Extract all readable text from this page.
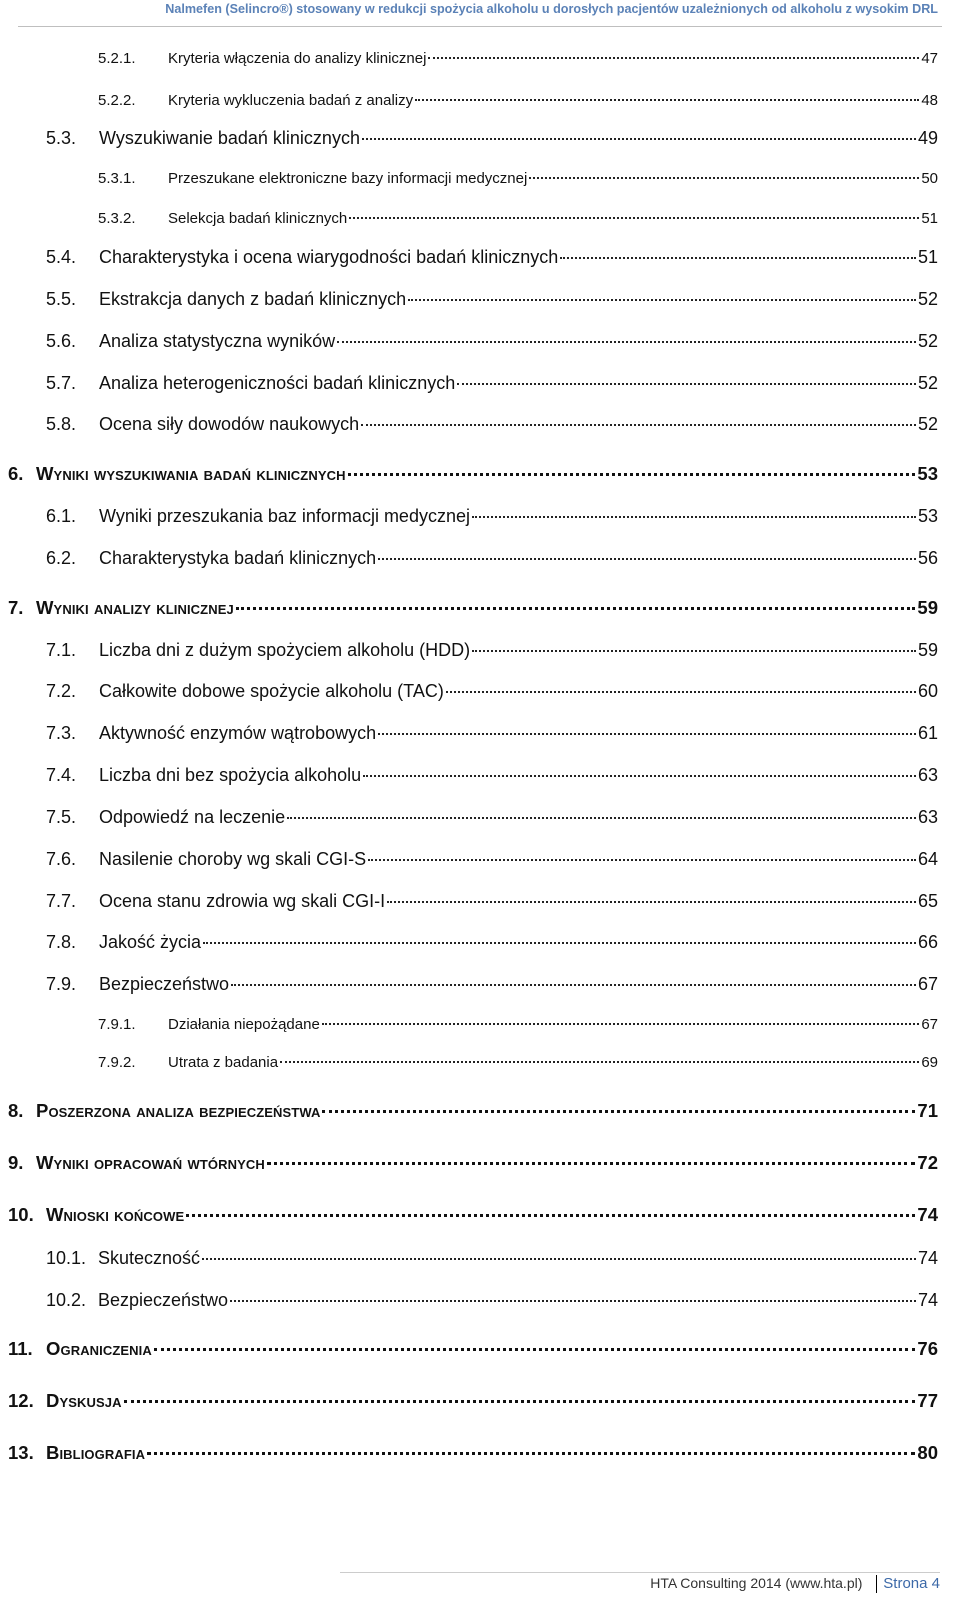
Nalmefen (Selincro®) stosowany w redukcji spożycia alkoholu u dorosłych pacjentów uzależnionych od alkoholu z wysokim DRL
5.2.1.	Kryteria włączenia do analizy klinicznej	47
5.2.2.	Kryteria wykluczenia badań z analizy	48
5.3.	Wyszukiwanie badań klinicznych	49
5.3.1.	Przeszukane elektroniczne bazy informacji medycznej	50
5.3.2.	Selekcja badań klinicznych	51
5.4.	Charakterystyka i ocena wiarygodności badań klinicznych	51
5.5.	Ekstrakcja danych z badań klinicznych	52
5.6.	Analiza statystyczna wyników	52
5.7.	Analiza heterogeniczności badań klinicznych	52
5.8.	Ocena siły dowodów naukowych	52
6. Wyniki wyszukiwania badań klinicznych	53
6.1.	Wyniki przeszukania baz informacji medycznej	53
6.2.	Charakterystyka badań klinicznych	56
7. Wyniki analizy klinicznej	59
7.1.	Liczba dni z dużym spożyciem alkoholu (HDD)	59
7.2.	Całkowite dobowe spożycie alkoholu (TAC)	60
7.3.	Aktywność enzymów wątrobowych	61
7.4.	Liczba dni bez spożycia alkoholu	63
7.5.	Odpowiedź na leczenie	63
7.6.	Nasilenie choroby wg skali CGI-S	64
7.7.	Ocena stanu zdrowia wg skali CGI-I	65
7.8.	Jakość życia	66
7.9.	Bezpieczeństwo	67
7.9.1.	Działania niepożądane	67
7.9.2.	Utrata z badania	69
8. Poszerzona analiza bezpieczeństwa	71
9. Wyniki opracowań wtórnych	72
10. Wnioski końcowe	74
10.1. Skuteczność	74
10.2. Bezpieczeństwo	74
11. Ograniczenia	76
12. Dyskusja	77
13. Bibliografia	80
HTA Consulting 2014 (www.hta.pl) Strona 4
